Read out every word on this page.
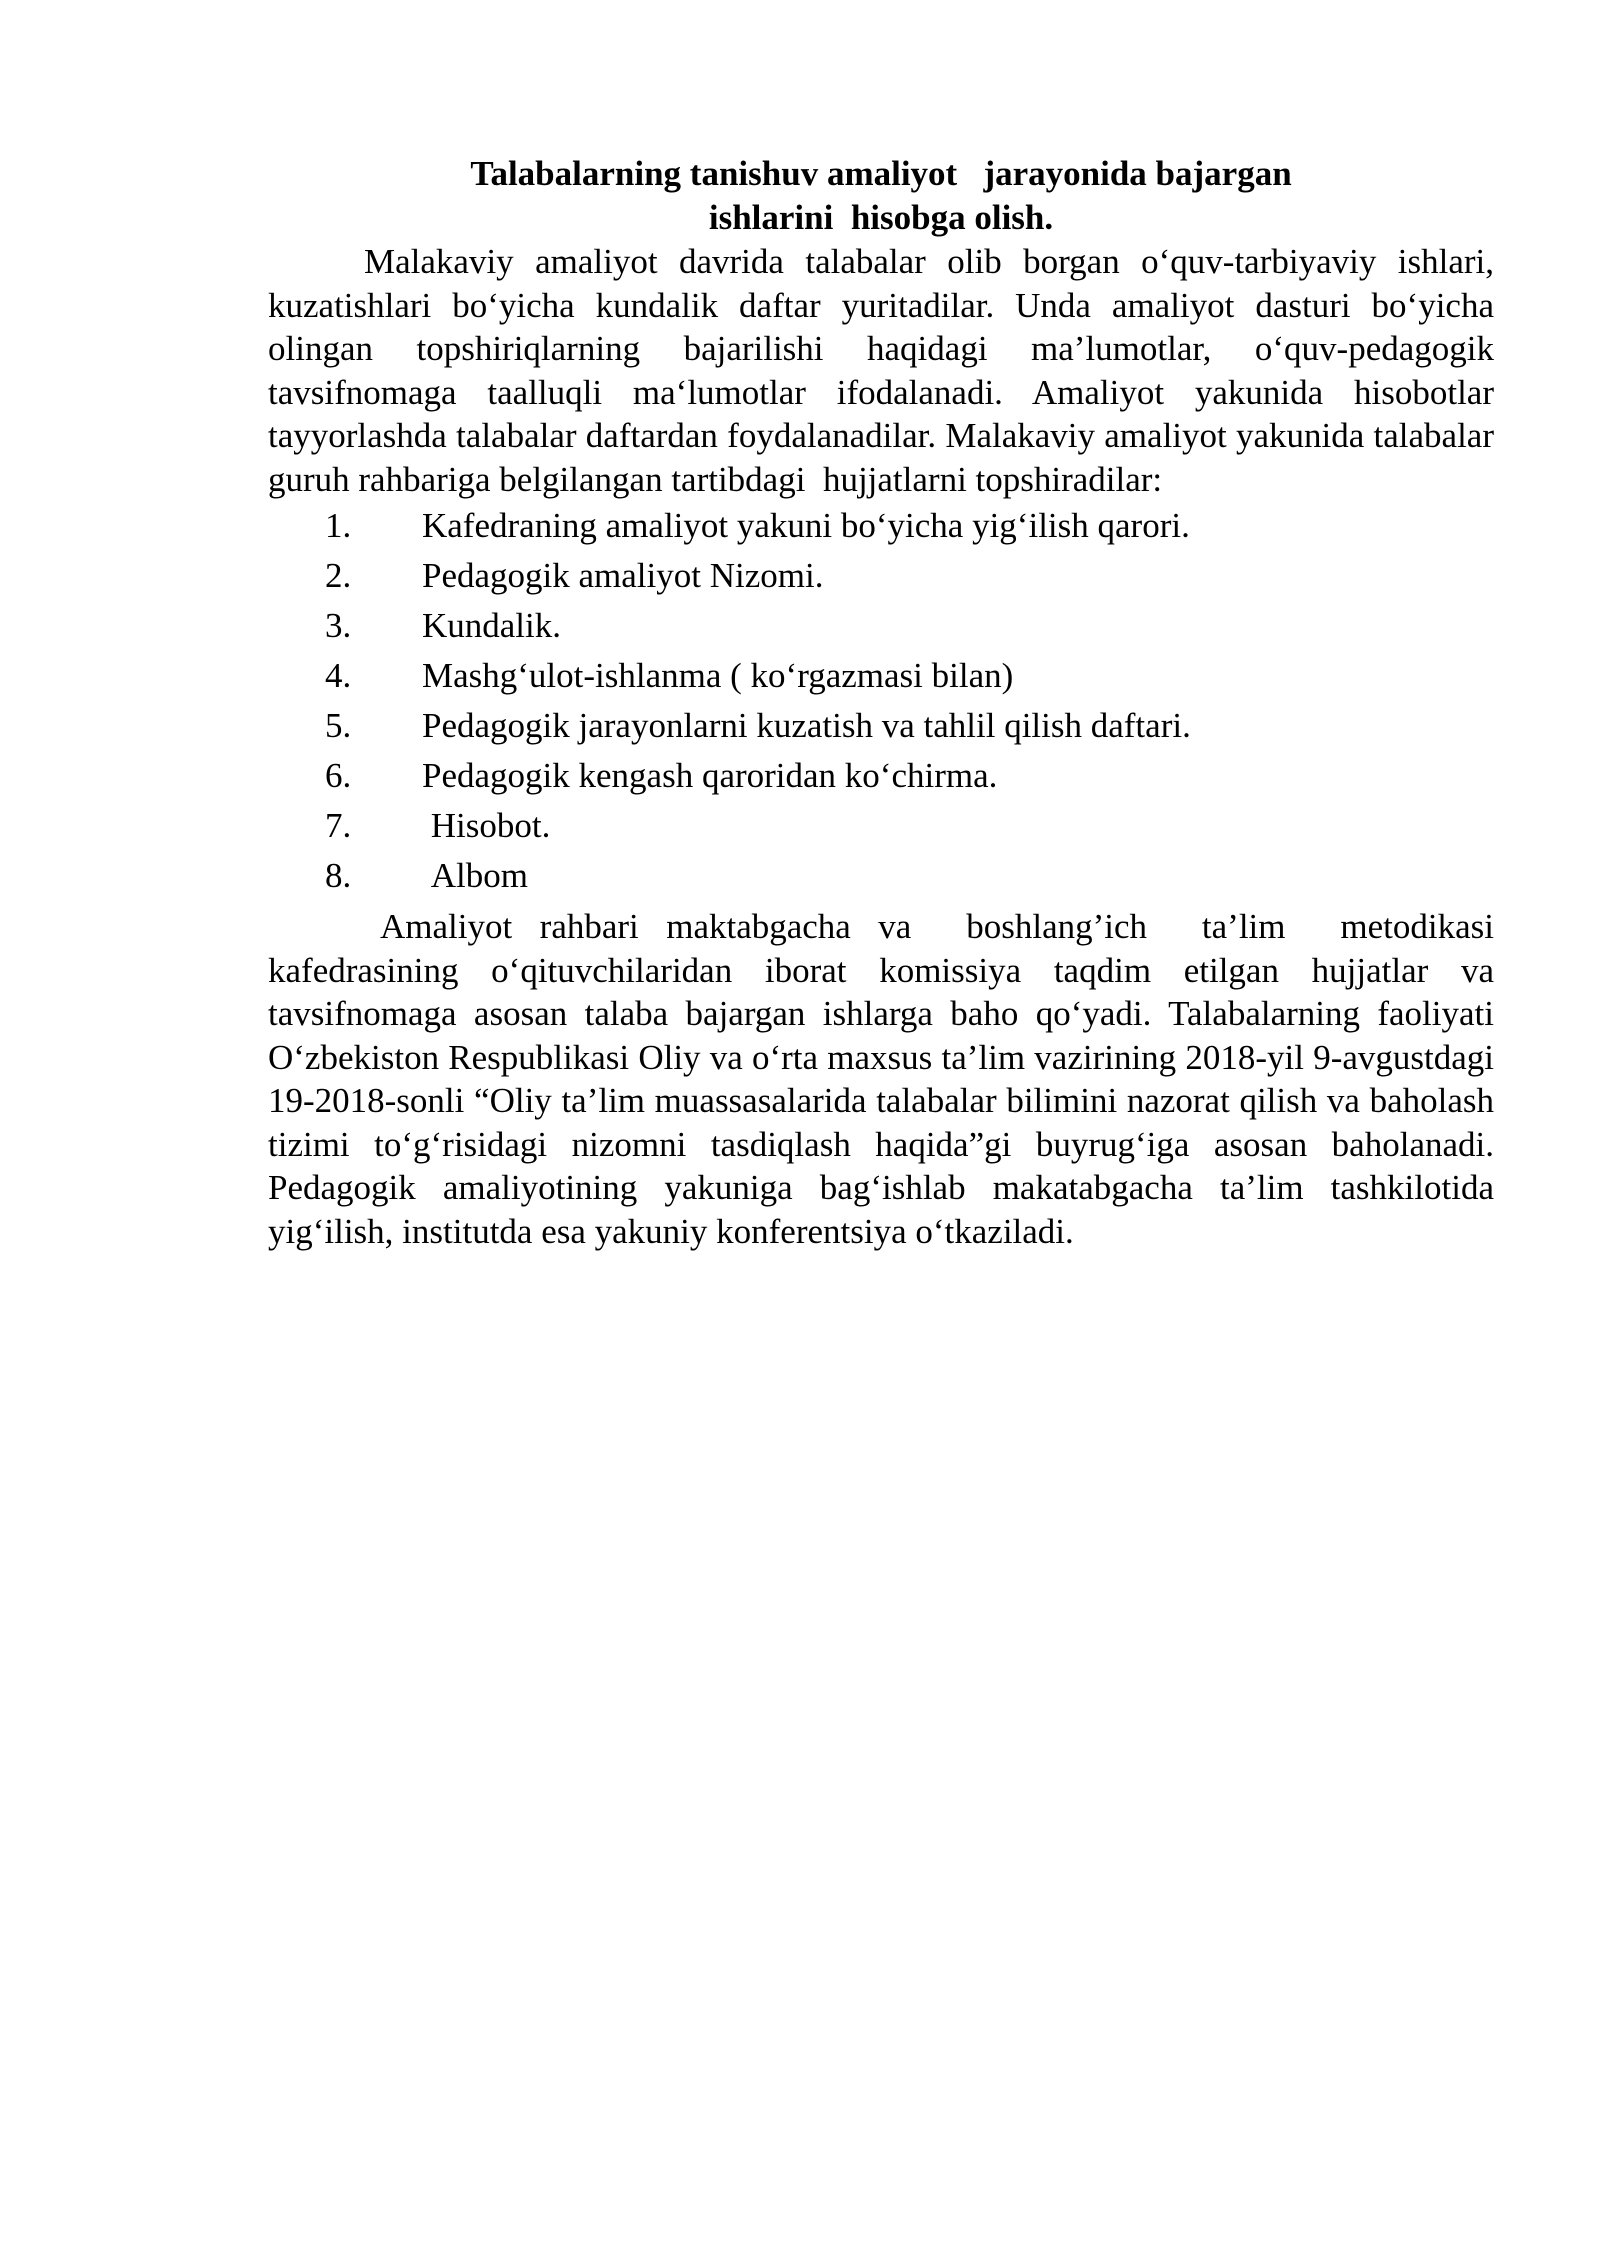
Talabalarning tanishuv amaliyot   jarayonida bajargan
ishlarini  hisobga olish.

Malakaviy amaliyot davrida talabalar olib borgan o‘quv-tarbiyaviy ishlari, kuzatishlari bo‘yicha kundalik daftar yuritadilar. Unda amaliyot dasturi bo‘yicha olingan topshiriqlarning bajarilishi haqidagi ma’lumotlar, o‘quv-pedagogik tavsifnomaga taalluqli ma‘lumotlar ifodalanadi. Amaliyot yakunida hisobotlar tayyorlashda talabalar daftardan foydalanadilar. Malakaviy amaliyot yakunida talabalar guruh rahbariga belgilangan tartibdagi  hujjatlarni topshiradilar:

1.	Kafedraning amaliyot yakuni bo‘yicha yig‘ilish qarori.
2.	Pedagogik amaliyot Nizomi.
3.	Kundalik.
4.	Mashg‘ulot-ishlanma ( ko‘rgazmasi bilan)
5.	Pedagogik jarayonlarni kuzatish va tahlil qilish daftari.
6.	Pedagogik kengash qaroridan ko‘chirma.
7.	Hisobot.
8.	Albom

Amaliyot rahbari maktabgacha va  boshlang’ich  ta’lim  metodikasi kafedrasining o‘qituvchilaridan iborat komissiya taqdim etilgan hujjatlar va tavsifnomaga asosan talaba bajargan ishlarga baho qo‘yadi. Talabalarning faoliyati  O‘zbekiston Respublikasi Oliy va o‘rta maxsus ta’lim vazirining 2018-yil 9-avgustdagi 19-2018-sonli “Oliy ta’lim muassasalarida talabalar bilimini nazorat qilish va baholash tizimi to‘g‘risidagi nizomni tasdiqlash haqida”gi buyrug‘iga asosan baholanadi. Pedagogik amaliyotining yakuniga bag‘ishlab makatabgacha ta’lim tashkilotida yig‘ilish, institutda esa yakuniy konferentsiya o‘tkaziladi.
